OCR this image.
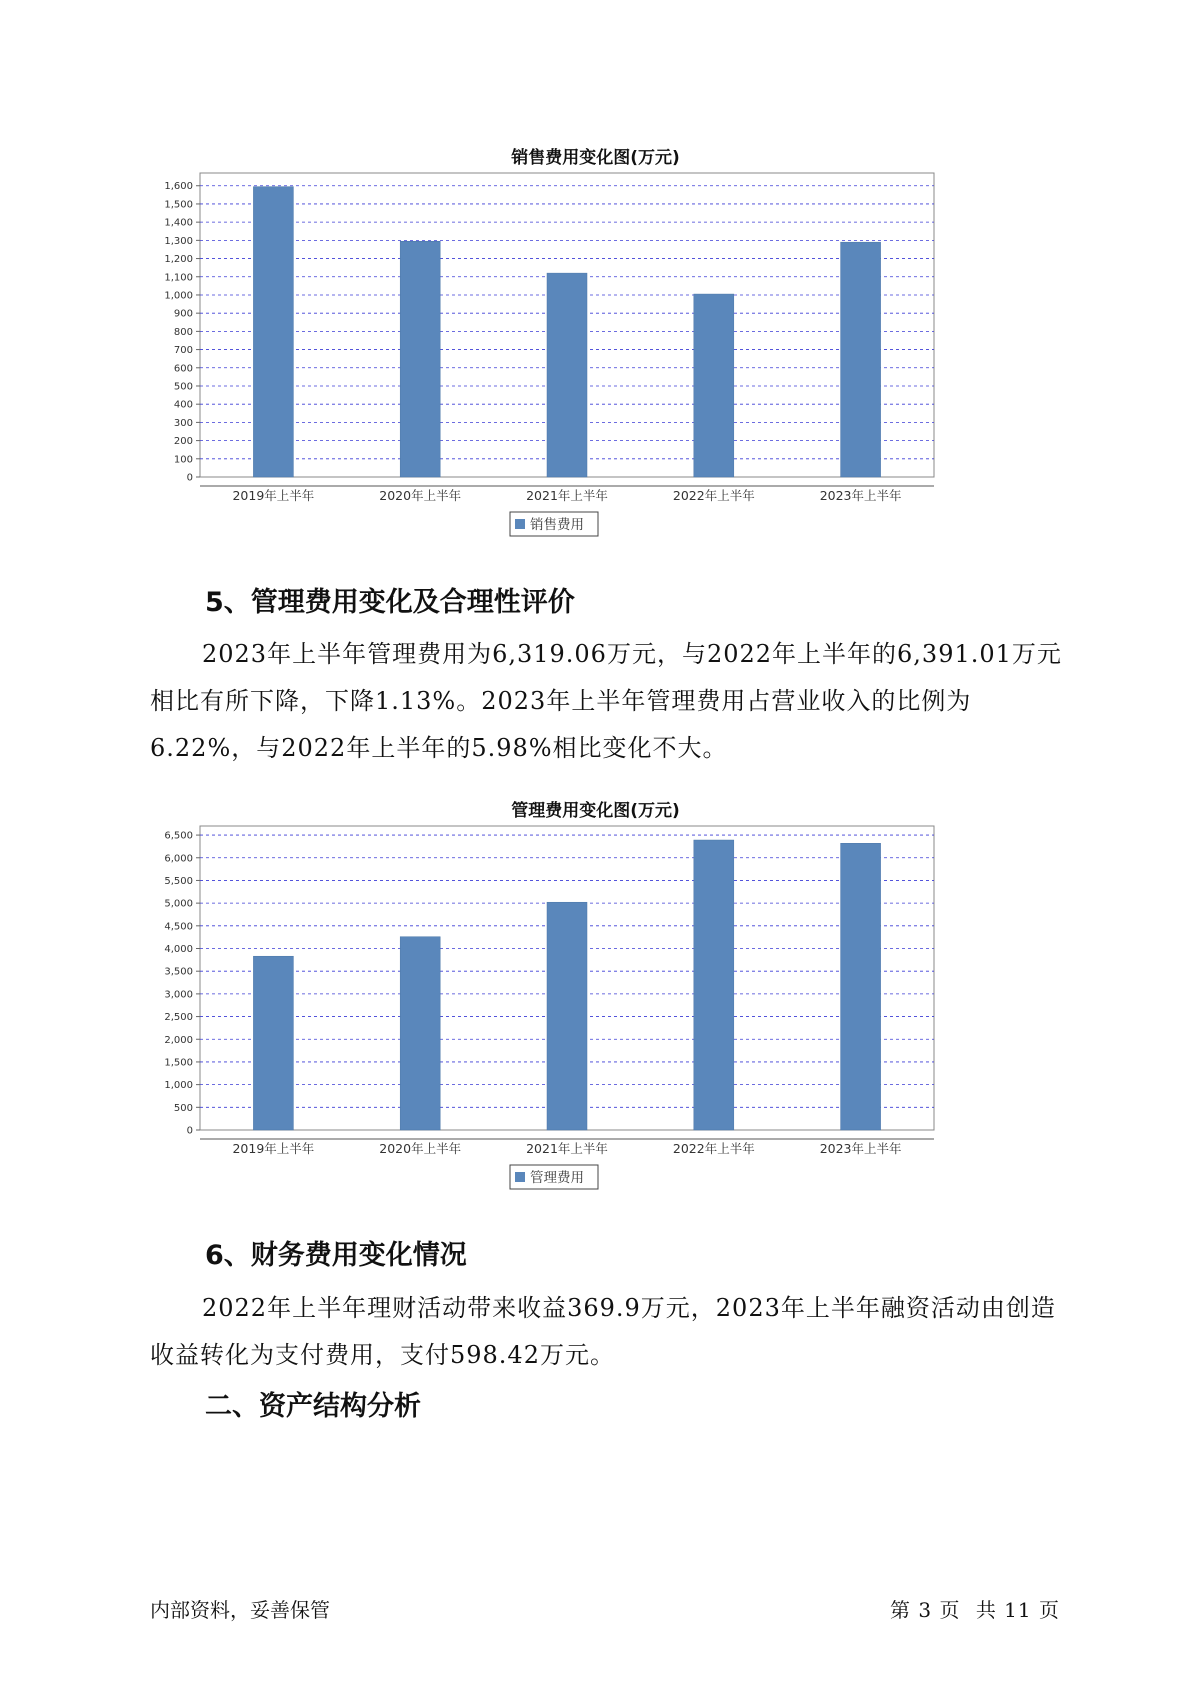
销售费用变化图(万元)
0
100
200
300
400
500
600
700
800
900
1,000
1,100
1,200
1,300
1,400
1,500
1,600
2019年上半年	2020年上半年	2021年上半年	2022年上半年	2023年上半年
销售费用
5、管理费用变化及合理性评价

2023年上半年管理费用为6,319.06万元，与2022年上半年的6,391.01万元相比有所下降，下降1.13%。2023年上半年管理费用占营业收入的比例为6.22%，与2022年上半年的5.98%相比变化不大。

管理费用变化图(万元)
0
500
1,000
1,500
2,000
2,500
3,000
3,500
4,000
4,500
5,000
5,500
6,000
6,500
2019年上半年	2020年上半年	2021年上半年	2022年上半年	2023年上半年
管理费用
6、财务费用变化情况

2022年上半年理财活动带来收益369.9万元，2023年上半年融资活动由创造收益转化为支付费用，支付598.42万元。

二、资产结构分析
内部资料，妥善保管	第 3 页 共 11 页
